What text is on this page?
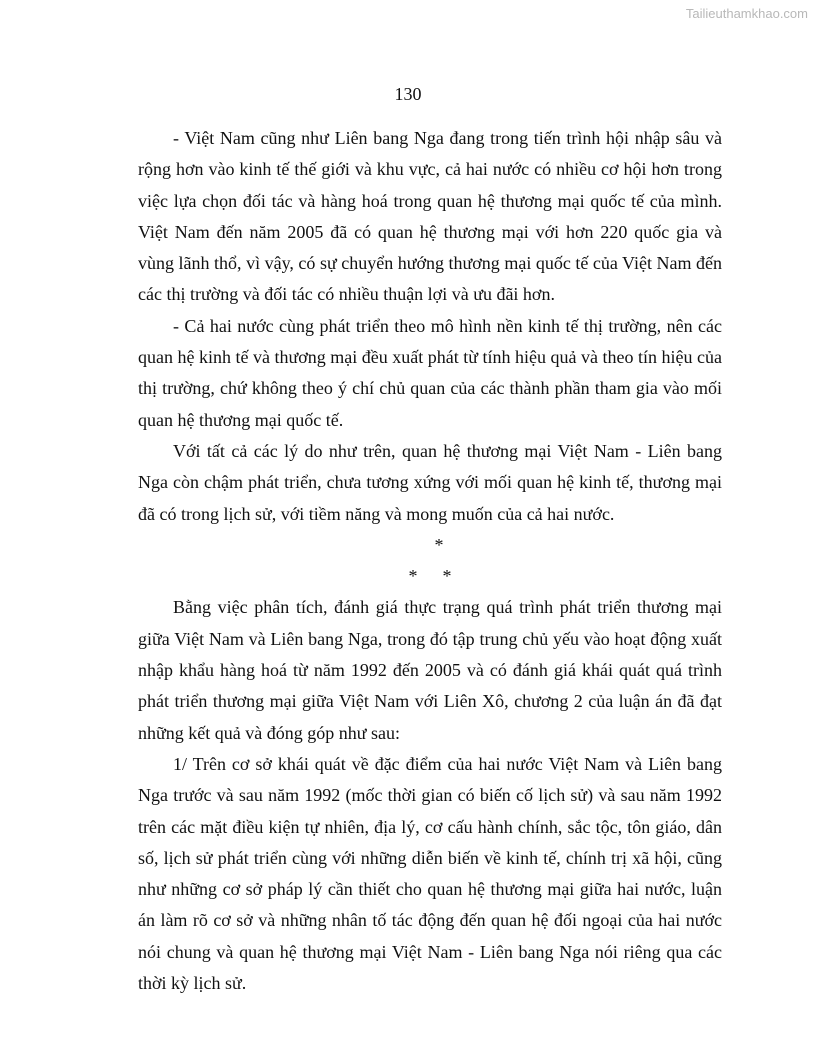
Tailieuthamkhao.com
130

- Việt Nam cũng như Liên bang Nga đang trong tiến trình hội nhập sâu và rộng hơn vào kinh tế thế giới và khu vực, cả hai nước có nhiều cơ hội hơn trong việc lựa chọn đối tác và hàng hoá trong quan hệ thương mại quốc tế của mình. Việt Nam đến năm 2005 đã có quan hệ thương mại với hơn 220 quốc gia và vùng lãnh thổ, vì vậy, có sự chuyển hướng thương mại quốc tế của Việt Nam đến các thị trường và đối tác có nhiều thuận lợi và ưu đãi hơn.

- Cả hai nước cùng phát triển theo mô hình nền kinh tế thị trường, nên các quan hệ kinh tế và thương mại đều xuất phát từ tính hiệu quả và theo tín hiệu của thị trường, chứ không theo ý chí chủ quan của các thành phần tham gia vào mối quan hệ thương mại quốc tế.

Với tất cả các lý do như trên, quan hệ thương mại Việt Nam - Liên bang Nga còn chậm phát triển, chưa tương xứng với mối quan hệ kinh tế, thương mại đã có trong lịch sử, với tiềm năng và mong muốn của cả hai nước.

*
* *

Bằng việc phân tích, đánh giá thực trạng quá trình phát triển thương mại giữa Việt Nam và Liên bang Nga, trong đó tập trung chủ yếu vào hoạt động xuất nhập khẩu hàng hoá từ năm 1992 đến 2005 và có đánh giá khái quát quá trình phát triển thương mại giữa Việt Nam với Liên Xô, chương 2 của luận án đã đạt những kết quả và đóng góp như sau:

1/ Trên cơ sở khái quát về đặc điểm của hai nước Việt Nam và Liên bang Nga trước và sau năm 1992 (mốc thời gian có biến cố lịch sử) và sau năm 1992 trên các mặt điều kiện tự nhiên, địa lý, cơ cấu hành chính, sắc tộc, tôn giáo, dân số, lịch sử phát triển cùng với những diễn biến về kinh tế, chính trị xã hội, cũng như những cơ sở pháp lý cần thiết cho quan hệ thương mại giữa hai nước, luận án làm rõ cơ sở và những nhân tố tác động đến quan hệ đối ngoại của hai nước nói chung và quan hệ thương mại Việt Nam - Liên bang Nga nói riêng qua các thời kỳ lịch sử.
